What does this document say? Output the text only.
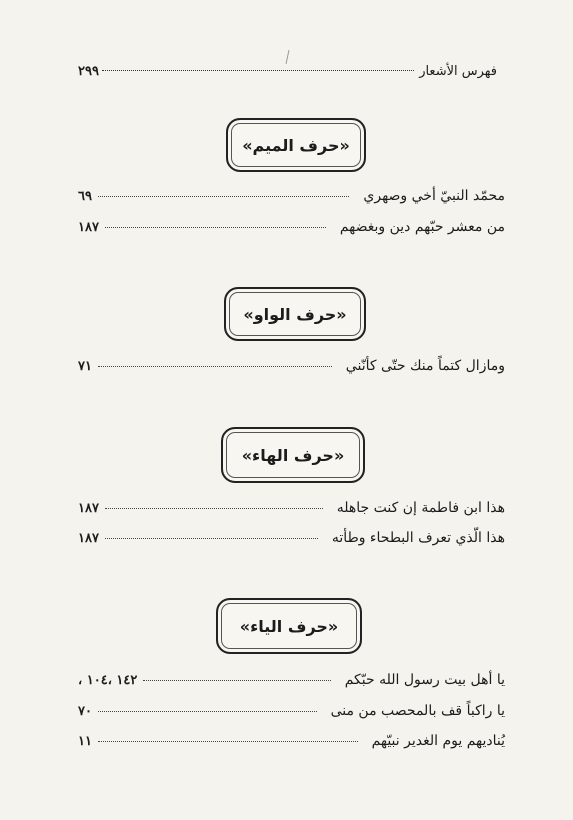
فهرس الأشعار
٢٩٩
«حرف الميم»
محمّد النبيّ أخي وصهري
٦٩
من معشر حبّهم دين وبغضهم
١٨٧
«حرف الواو»
ومازال كتماً منك حتّى كأنّني
٧١
«حرف الهاء»
هذا ابن فاطمة إن كنت جاهله
١٨٧
هذا الّذي تعرف البطحاء وطأته
١٨٧
«حرف الياء»
يا أهل بيت رسول الله حبّكم
١٤٢ ،١٠٤ ،
يا راكباً قف بالمحصب من منى
٧٠
يُناديهم يوم الغدير نبيّهم
١١
